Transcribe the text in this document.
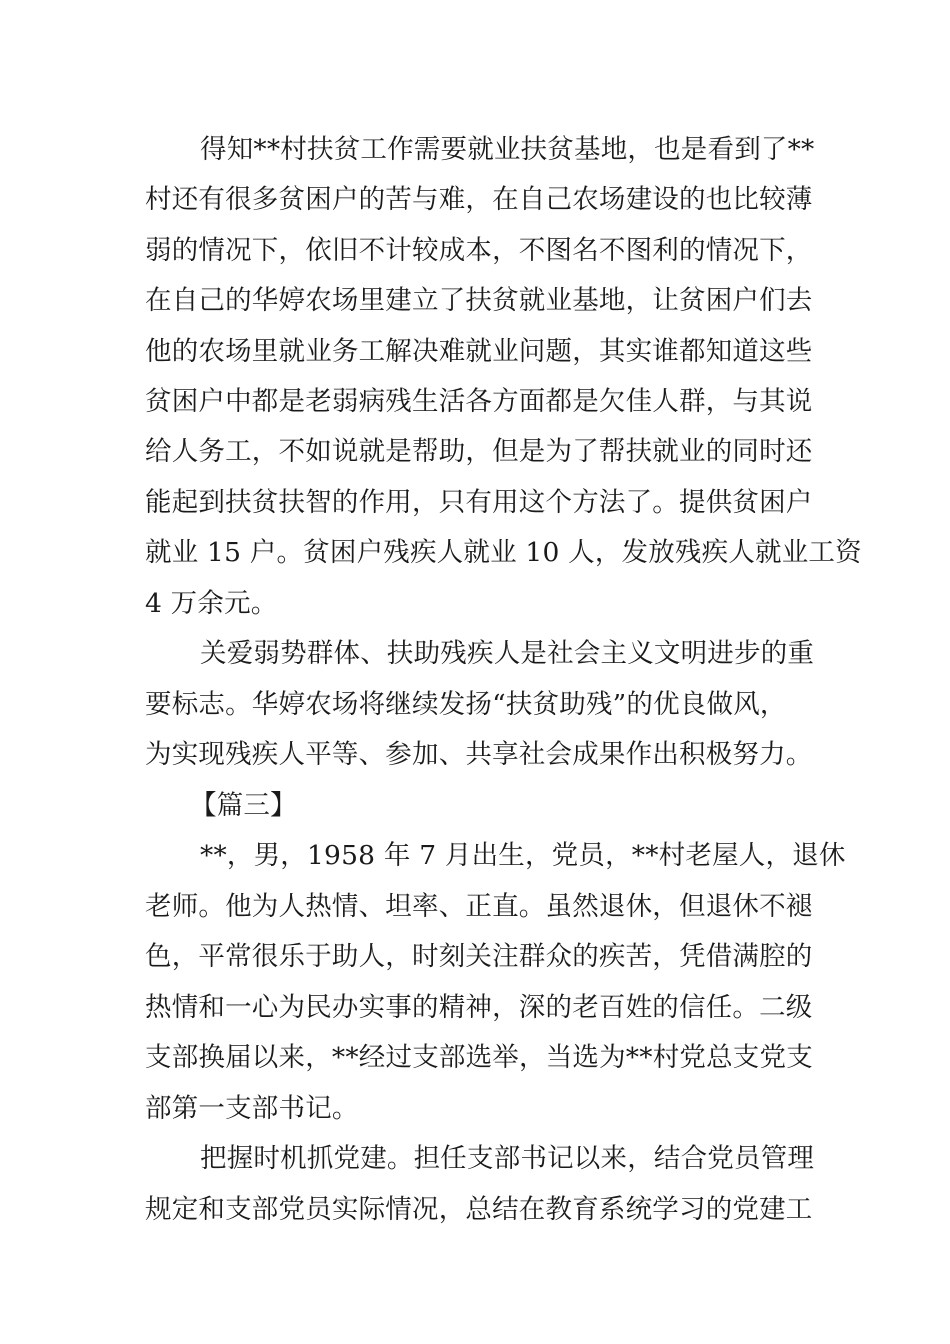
得知**村扶贫工作需要就业扶贫基地，也是看到了**
村还有很多贫困户的苦与难，在自己农场建设的也比较薄
弱的情况下，依旧不计较成本，不图名不图利的情况下，
在自己的华婷农场里建立了扶贫就业基地，让贫困户们去
他的农场里就业务工解决难就业问题，其实谁都知道这些
贫困户中都是老弱病残生活各方面都是欠佳人群，与其说
给人务工，不如说就是帮助，但是为了帮扶就业的同时还
能起到扶贫扶智的作用，只有用这个方法了。提供贫困户
就业 15 户。贫困户残疾人就业 10 人，发放残疾人就业工资
4 万余元。
关爱弱势群体、扶助残疾人是社会主义文明进步的重
要标志。华婷农场将继续发扬“扶贫助残”的优良做风，
为实现残疾人平等、参加、共享社会成果作出积极努力。
【篇三】
**，男，1958 年 7 月出生，党员，**村老屋人，退休
老师。他为人热情、坦率、正直。虽然退休，但退休不褪
色，平常很乐于助人，时刻关注群众的疾苦，凭借满腔的
热情和一心为民办实事的精神，深的老百姓的信任。二级
支部换届以来，**经过支部选举，当选为**村党总支党支
部第一支部书记。
把握时机抓党建。担任支部书记以来，结合党员管理
规定和支部党员实际情况，总结在教育系统学习的党建工
